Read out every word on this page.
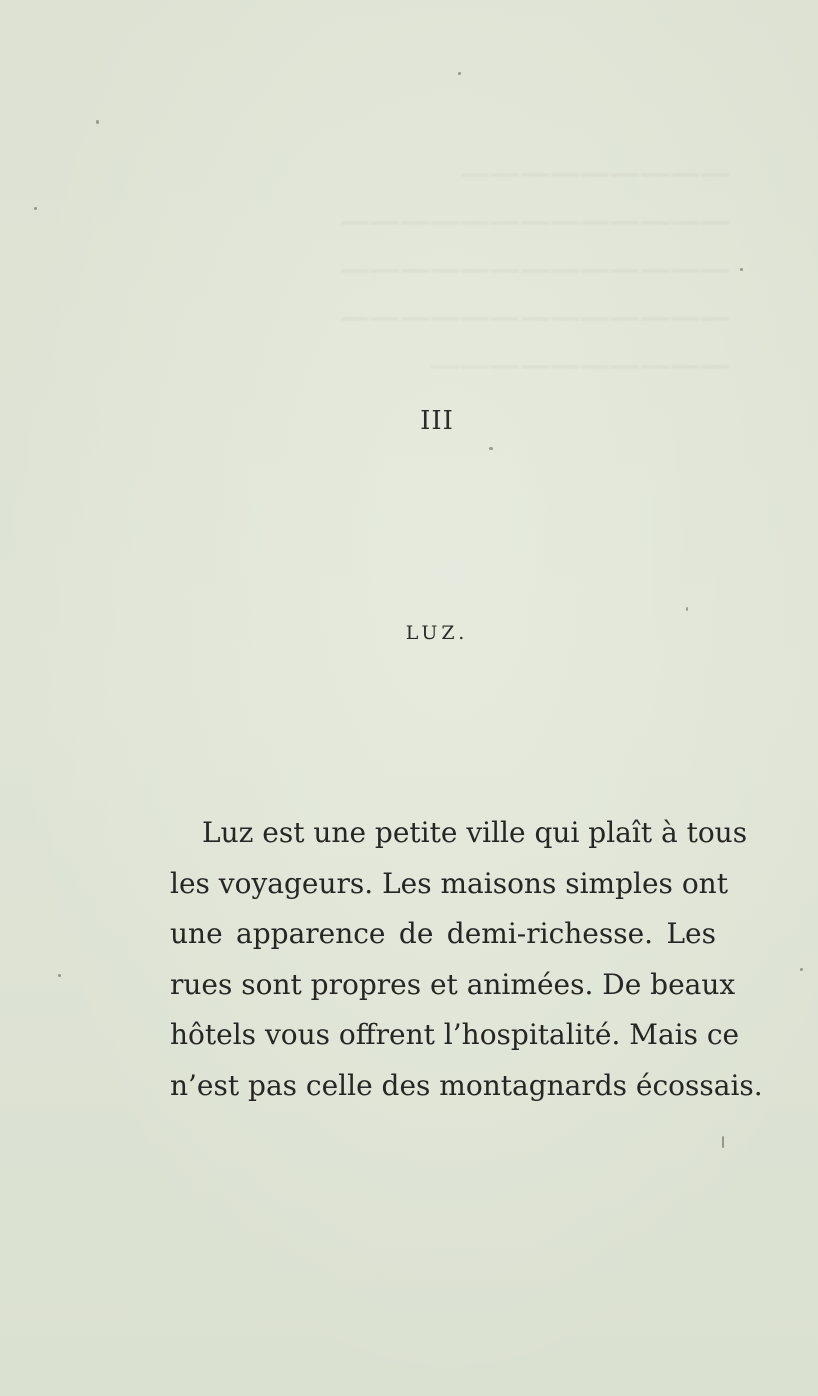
—————————
—————————————
—————————————
—————————————
——————————
III
LUZ.
Luz est une petite ville qui plaît à tous
les voyageurs. Les maisons simples ont
une apparence de demi-richesse. Les
rues sont propres et animées. De beaux
hôtels vous offrent l’hospitalité. Mais ce
n’est pas celle des montagnards écossais.
